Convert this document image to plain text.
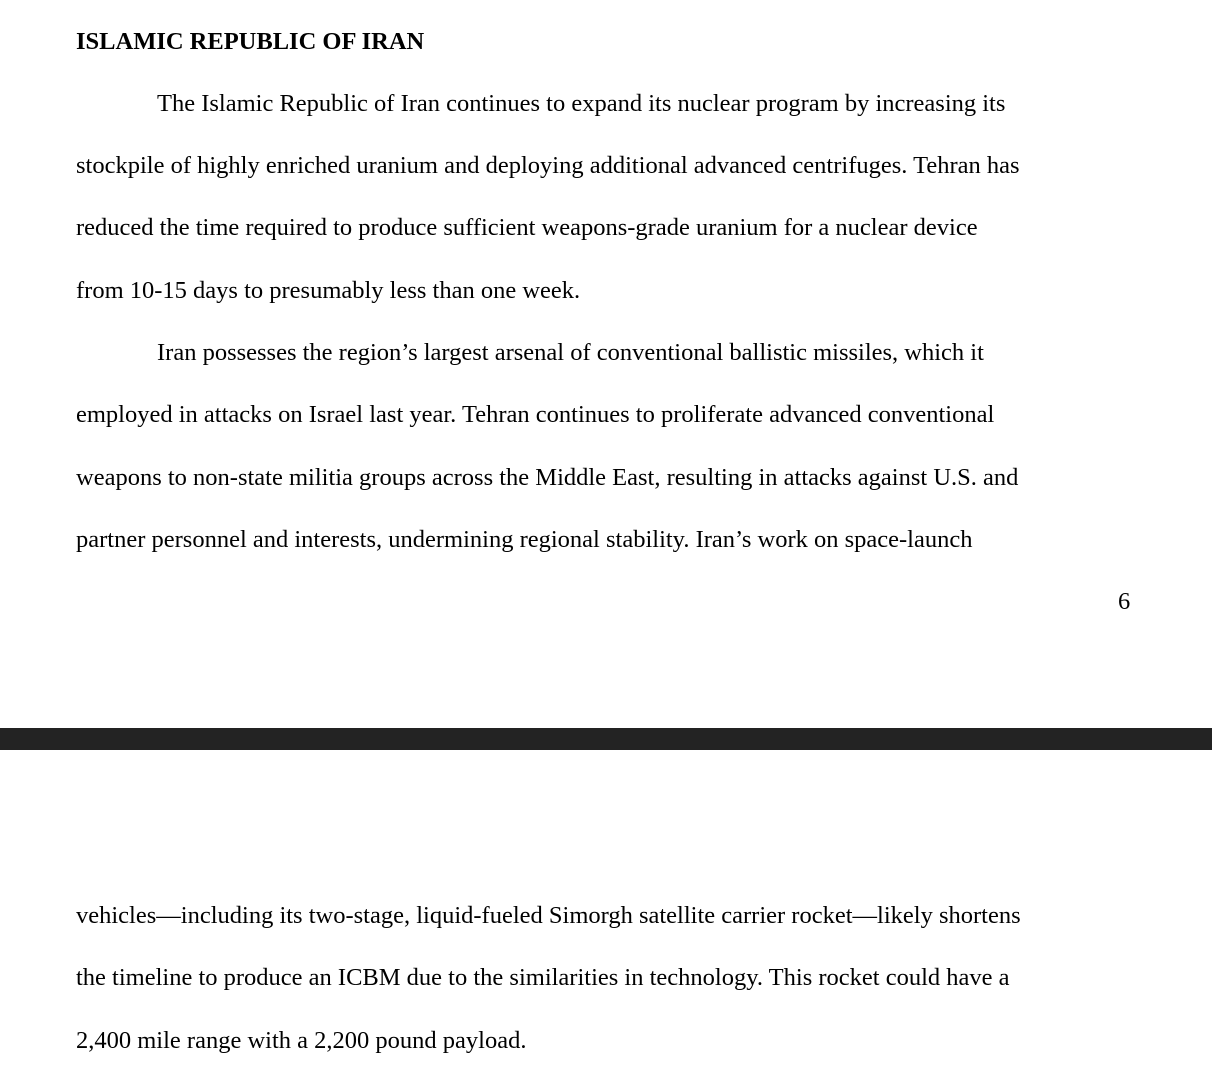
ISLAMIC REPUBLIC OF IRAN
The Islamic Republic of Iran continues to expand its nuclear program by increasing its
stockpile of highly enriched uranium and deploying additional advanced centrifuges. Tehran has
reduced the time required to produce sufficient weapons-grade uranium for a nuclear device
from 10-15 days to presumably less than one week.
Iran possesses the region’s largest arsenal of conventional ballistic missiles, which it
employed in attacks on Israel last year. Tehran continues to proliferate advanced conventional
weapons to non-state militia groups across the Middle East, resulting in attacks against U.S. and
partner personnel and interests, undermining regional stability. Iran’s work on space-launch
6
vehicles—including its two-stage, liquid-fueled Simorgh satellite carrier rocket—likely shortens
the timeline to produce an ICBM due to the similarities in technology. This rocket could have a
2,400 mile range with a 2,200 pound payload.
